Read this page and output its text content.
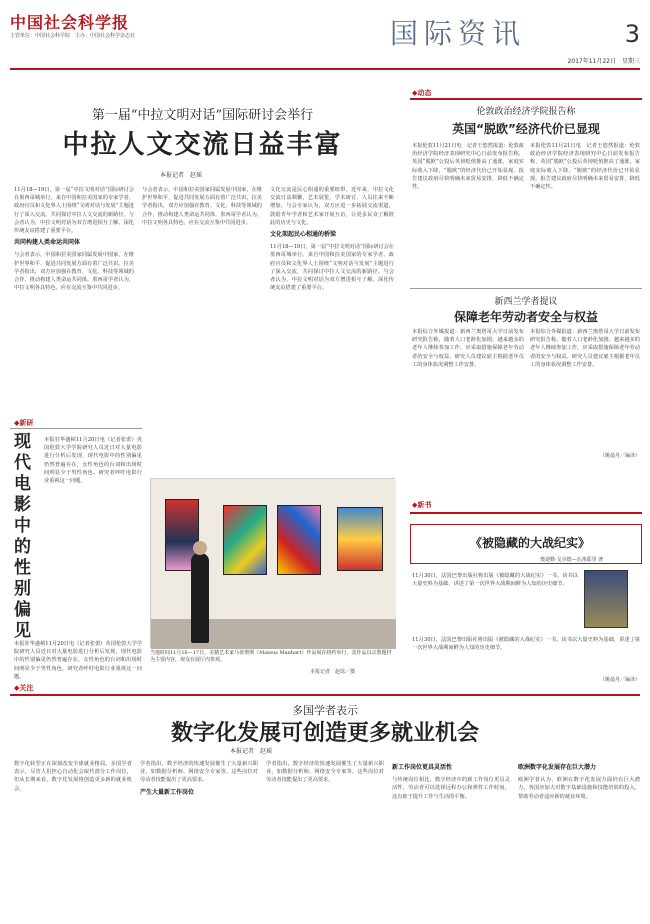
中国社会科学报
主管单位：中国社会科学院　主办：中国社会科学杂志社	国际资讯	3
2017年11月22日　星期三
第一届“中拉文明对话”国际研讨会举行
中拉人文交流日益丰富
本报记者　赵瑶
11月18—19日，第一届“中拉文明对话”国际研讨会在墨西哥城举行。来自中国和拉美国家的专家学者、政府官员和文化界人士围绕“文明对话与发展”主题进行了深入交流，共同探讨中拉人文交流的新路径。与会者认为，中拉文明对话为双方增进相互了解、深化传统友谊搭建了重要平台。
共同构建人类命运共同体
与会者表示，中国和拉美国家同属发展中国家，在维护世界和平、促进共同发展方面有着广泛共识。拉美学者指出，双方应加强在教育、文化、科技等领域的合作，推动构建人类命运共同体。墨西哥学者认为，中拉文明各具特色，应在交流互鉴中共同进步。
与会者表示，中国和拉美国家同属发展中国家，在维护世界和平、促进共同发展方面有着广泛共识。拉美学者指出，双方应加强在教育、文化、科技等领域的合作，推动构建人类命运共同体。墨西哥学者认为，中拉文明各具特色，应在交流互鉴中共同进步。
文化交流是民心相通的重要纽带。近年来，中拉文化交流日益频繁，艺术展览、学术研讨、人员往来不断增加。与会专家认为，双方应进一步拓展交流渠道，鼓励青年学者和艺术家开展互访，让更多民众了解彼此的历史与文化。
文化架起民心相通的桥梁
11月18—19日，第一届“中拉文明对话”国际研讨会在墨西哥城举行。来自中国和拉美国家的专家学者、政府官员和文化界人士围绕“文明对话与发展”主题进行了深入交流，共同探讨中拉人文交流的新路径。与会者认为，中拉文明对话为双方增进相互了解、深化传统友谊搭建了重要平台。
◆新研
现代电影中的性别偏见
本报驻华盛顿11月20日电（记者张蕾）英国伦敦大学学院研究人员近日对大量电影进行分析后发现，现代电影中的性别偏见仍然普遍存在，女性角色的台词和出场时间明显少于男性角色。研究者呼吁电影行业重视这一问题。
本报驻华盛顿11月20日电（记者张蕾）英国伦敦大学学院研究人员近日对大量电影进行分析后发现，现代电影中的性别偏见仍然普遍存在，女性角色的台词和出场时间明显少于男性角色。研究者呼吁电影行业重视这一问题。
当地时间11月16—17日，美籍艺术家马蒂奥斯（Mateus Manhart）作品展在纽约举行，其作品以宗教题材为主要内容，观众在展厅内参观。
本报记者　赵瑶／摄
◆动态
伦敦政治经济学院报告称
英国“脱欧”经济代价已显现
本报伦敦11月21日电　记者王悠然报道：伦敦政治经济学院经济表现研究中心日前发布报告称，英国“脱欧”公投后英镑贬值推高了通胀，家庭实际收入下降，“脱欧”的经济代价已开始显现。报告建议政府尽快明确未来贸易安排，降低不确定性。
本报伦敦11月21日电　记者王悠然报道：伦敦政治经济学院经济表现研究中心日前发布报告称，英国“脱欧”公投后英镑贬值推高了通胀，家庭实际收入下降，“脱欧”的经济代价已开始显现。报告建议政府尽快明确未来贸易安排，降低不确定性。
新西兰学者提议
保障老年劳动者安全与权益
本报综合外媒报道：新西兰奥塔哥大学日前发布研究报告称，随着人口老龄化加剧，越来越多的老年人继续参加工作，应采取措施保障老年劳动者的安全与权益。研究人员建议雇主根据老年员工的身体状况调整工作安排。
本报综合外媒报道：新西兰奥塔哥大学日前发布研究报告称，随着人口老龄化加剧，越来越多的老年人继续参加工作，应采取措施保障老年劳动者的安全与权益。研究人员建议雇主根据老年员工的身体状况调整工作安排。
（姚晨丹／编译）
◆新书
《被隐藏的大战纪实》
奥迪勒·戈尔德—瓦蒂耶里 著
11月30日，法国巴黎出版社将出版《被隐藏的大战纪实》一书。该书以大量史料为基础，讲述了第一次世界大战期间鲜为人知的历史细节。
11月30日，法国巴黎出版社将出版《被隐藏的大战纪实》一书。该书以大量史料为基础，讲述了第一次世界大战期间鲜为人知的历史细节。
（姚晨丹／编译）
◆关注
多国学者表示
数字化发展可创造更多就业机会
本报记者　赵瑶
数字化转型正在深刻改变全球就业格局。多国学者表示，尽管人们担心自动化会取代部分工作岗位，但从长期来看，数字化发展将创造更多新的就业机会。
学者指出，数字经济的快速发展催生了大量新兴职业，如数据分析师、网络安全专家等。这些岗位对劳动者技能提出了更高要求。
产生大量新工作岗位
学者指出，数字经济的快速发展催生了大量新兴职业，如数据分析师、网络安全专家等。这些岗位对劳动者技能提出了更高要求。
新工作岗位更具灵活性
与传统岗位相比，数字经济中的新工作岗位更具灵活性，劳动者可以选择远程办公和弹性工作时间，这有助于提升工作与生活的平衡。
欧洲数字化发展存在巨大潜力
欧洲学者认为，欧洲在数字化发展方面仍有巨大潜力。各国应加大对数字基础设施和技能培训的投入，帮助劳动者适应新的就业环境。
